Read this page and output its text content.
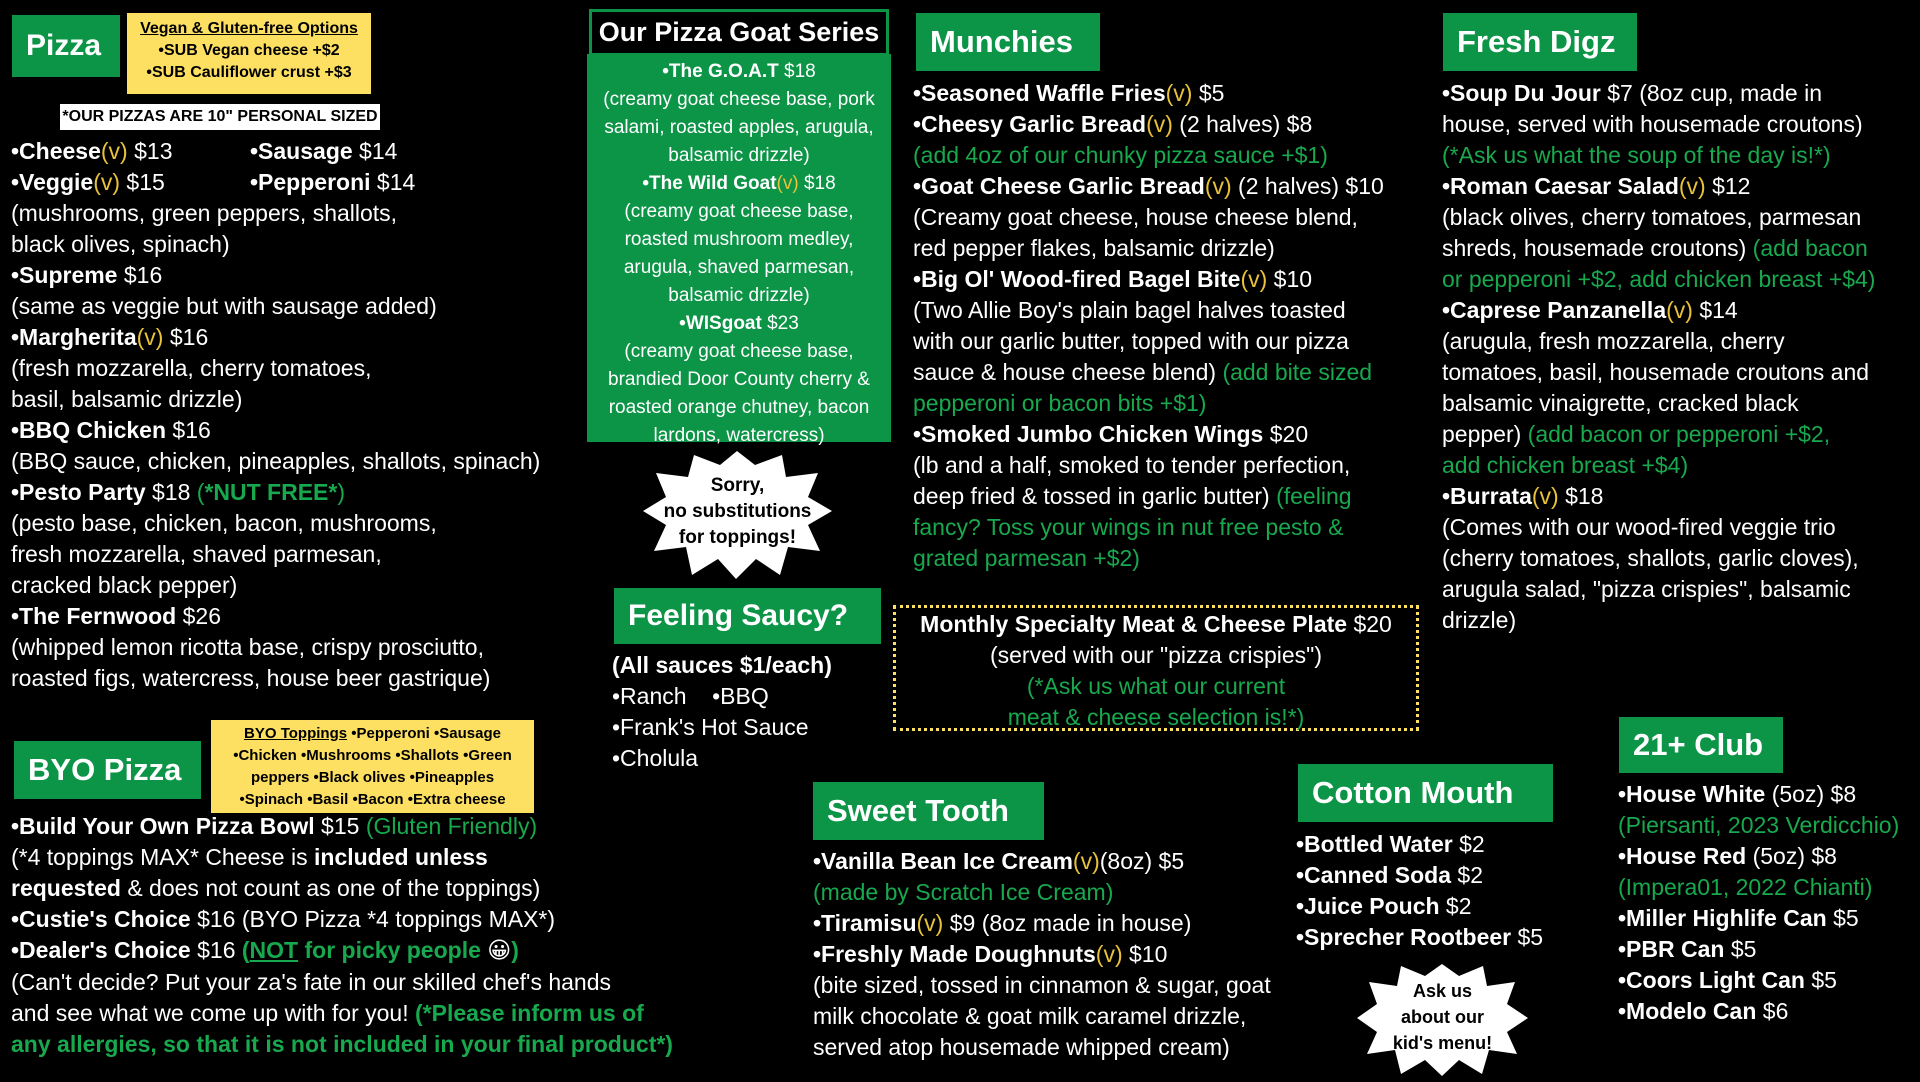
Pizza
Vegan & Gluten-free Options
•SUB Vegan cheese +$2
•SUB Cauliflower crust +$3
*OUR PIZZAS ARE 10" PERSONAL SIZED
•Cheese(v) $13
•Veggie(v) $15
(mushrooms, green peppers, shallots,
black olives, spinach)
•Supreme $16
(same as veggie but with sausage added)
•Margherita(v) $16
(fresh mozzarella, cherry tomatoes,
basil, balsamic drizzle)
•BBQ Chicken $16
(BBQ sauce, chicken, pineapples, shallots, spinach)
•Pesto Party $18 (*NUT FREE*)
(pesto base, chicken, bacon, mushrooms,
fresh mozzarella, shaved parmesan,
cracked black pepper)
•The Fernwood $26
(whipped lemon ricotta base, crispy prosciutto,
roasted figs, watercress, house beer gastrique)
•Sausage $14
•Pepperoni $14
Our Pizza Goat Series
•The G.O.A.T $18
(creamy goat cheese base, pork
salami, roasted apples, arugula,
balsamic drizzle)
•The Wild Goat(v) $18
(creamy goat cheese base,
roasted mushroom medley,
arugula, shaved parmesan,
balsamic drizzle)
•WISgoat $23
(creamy goat cheese base,
brandied Door County cherry &
roasted orange chutney, bacon
lardons, watercress)
Sorry,
no substitutions
for toppings!
Feeling Saucy?
(All sauces $1/each)
•Ranch    •BBQ
•Frank's Hot Sauce
•Cholula
Munchies
•Seasoned Waffle Fries(v) $5
•Cheesy Garlic Bread(v) (2 halves) $8
(add 4oz of our chunky pizza sauce +$1)
•Goat Cheese Garlic Bread(v) (2 halves) $10
(Creamy goat cheese, house cheese blend,
red pepper flakes, balsamic drizzle)
•Big Ol' Wood-fired Bagel Bite(v) $10
(Two Allie Boy's plain bagel halves toasted
with our garlic butter, topped with our pizza
sauce & house cheese blend) (add bite sized
pepperoni or bacon bits +$1)
•Smoked Jumbo Chicken Wings $20
(lb and a half, smoked to tender perfection,
deep fried & tossed in garlic butter) (feeling
fancy? Toss your wings in nut free pesto &
grated parmesan +$2)
Monthly Specialty Meat & Cheese Plate $20
(served with our "pizza crispies")
(*Ask us what our current
meat & cheese selection is!*)
Fresh Digz
•Soup Du Jour $7 (8oz cup, made in
house, served with housemade croutons)
(*Ask us what the soup of the day is!*)
•Roman Caesar Salad(v) $12
(black olives, cherry tomatoes, parmesan
shreds, housemade croutons) (add bacon
or pepperoni +$2, add chicken breast +$4)
•Caprese Panzanella(v) $14
(arugula, fresh mozzarella, cherry
tomatoes, basil, housemade croutons and
balsamic vinaigrette, cracked black
pepper) (add bacon or pepperoni +$2,
add chicken breast +$4)
•Burrata(v) $18
(Comes with our wood-fired veggie trio
(cherry tomatoes, shallots, garlic cloves),
arugula salad, "pizza crispies", balsamic
drizzle)
BYO Pizza
BYO Toppings •Pepperoni •Sausage
•Chicken •Mushrooms •Shallots •Green
peppers •Black olives •Pineapples
•Spinach •Basil •Bacon •Extra cheese
•Build Your Own Pizza Bowl $15 (Gluten Friendly)
(*4 toppings MAX* Cheese is included unless
requested & does not count as one of the toppings)
•Custie's Choice $16 (BYO Pizza *4 toppings MAX*)
•Dealer's Choice $16 (NOT for picky people 😀)
(Can't decide? Put your za's fate in our skilled chef's hands
and see what we come up with for you! (*Please inform us of
any allergies, so that it is not included in your final product*)
Sweet Tooth
•Vanilla Bean Ice Cream(v)(8oz) $5
(made by Scratch Ice Cream)
•Tiramisu(v) $9 (8oz made in house)
•Freshly Made Doughnuts(v) $10
(bite sized, tossed in cinnamon & sugar, goat
milk chocolate & goat milk caramel drizzle,
served atop housemade whipped cream)
Cotton Mouth
•Bottled Water $2
•Canned Soda $2
•Juice Pouch $2
•Sprecher Rootbeer $5
Ask us
about our
kid's menu!
21+ Club
•House White (5oz) $8
(Piersanti, 2023 Verdicchio)
•House Red (5oz) $8
(Impera01, 2022 Chianti)
•Miller Highlife Can $5
•PBR Can $5
•Coors Light Can $5
•Modelo Can $6
